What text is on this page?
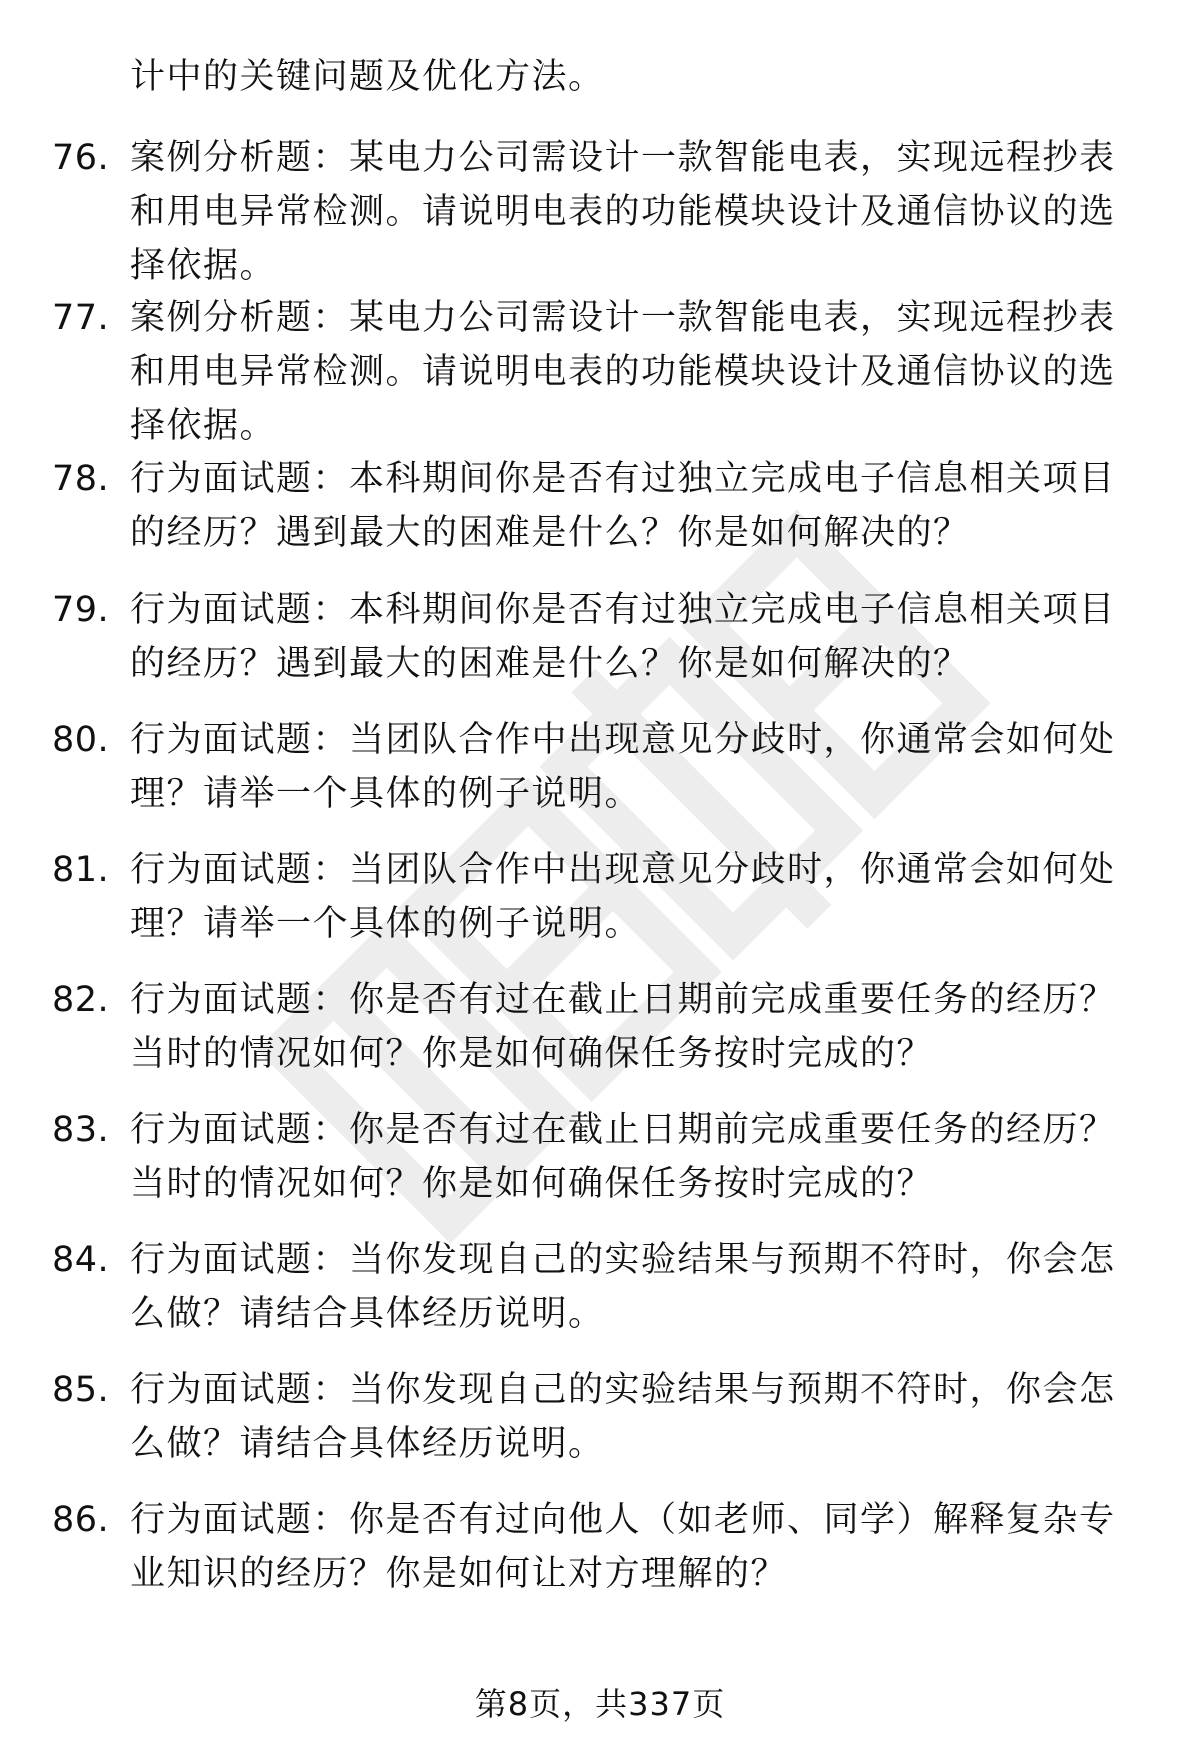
计中的关键问题及优化方法。
76. 案例分析题：某电力公司需设计一款智能电表，实现远程抄表和用电异常检测。请说明电表的功能模块设计及通信协议的选择依据。
77. 案例分析题：某电力公司需设计一款智能电表，实现远程抄表和用电异常检测。请说明电表的功能模块设计及通信协议的选择依据。
78. 行为面试题：本科期间你是否有过独立完成电子信息相关项目的经历？遇到最大的困难是什么？你是如何解决的？
79. 行为面试题：本科期间你是否有过独立完成电子信息相关项目的经历？遇到最大的困难是什么？你是如何解决的？
80. 行为面试题：当团队合作中出现意见分歧时，你通常会如何处理？请举一个具体的例子说明。
81. 行为面试题：当团队合作中出现意见分歧时，你通常会如何处理？请举一个具体的例子说明。
82. 行为面试题：你是否有过在截止日期前完成重要任务的经历？当时的情况如何？你是如何确保任务按时完成的？
83. 行为面试题：你是否有过在截止日期前完成重要任务的经历？当时的情况如何？你是如何确保任务按时完成的？
84. 行为面试题：当你发现自己的实验结果与预期不符时，你会怎么做？请结合具体经历说明。
85. 行为面试题：当你发现自己的实验结果与预期不符时，你会怎么做？请结合具体经历说明。
86. 行为面试题：你是否有过向他人（如老师、同学）解释复杂专业知识的经历？你是如何让对方理解的？
第8页，共337页
